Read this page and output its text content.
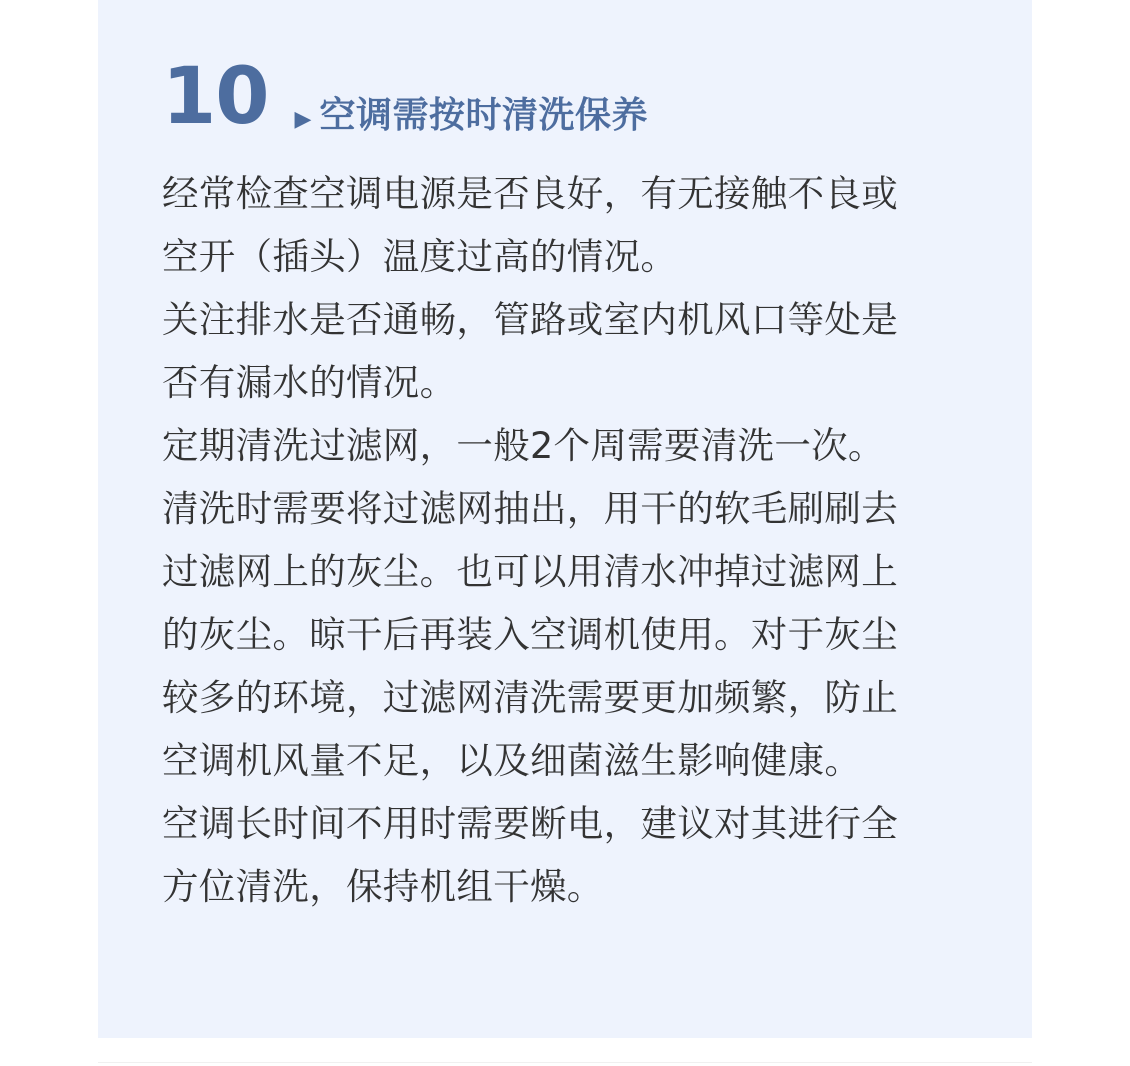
10 ▶ 空调需按时清洗保养

经常检查空调电源是否良好，有无接触不良或

空开（插头）温度过高的情况。

关注排水是否通畅，管路或室内机风口等处是

否有漏水的情况。

定期清洗过滤网，一般2个周需要清洗一次。

清洗时需要将过滤网抽出，用干的软毛刷刷去

过滤网上的灰尘。也可以用清水冲掉过滤网上

的灰尘。晾干后再装入空调机使用。对于灰尘

较多的环境，过滤网清洗需要更加频繁，防止

空调机风量不足，以及细菌滋生影响健康。

空调长时间不用时需要断电，建议对其进行全

方位清洗，保持机组干燥。
